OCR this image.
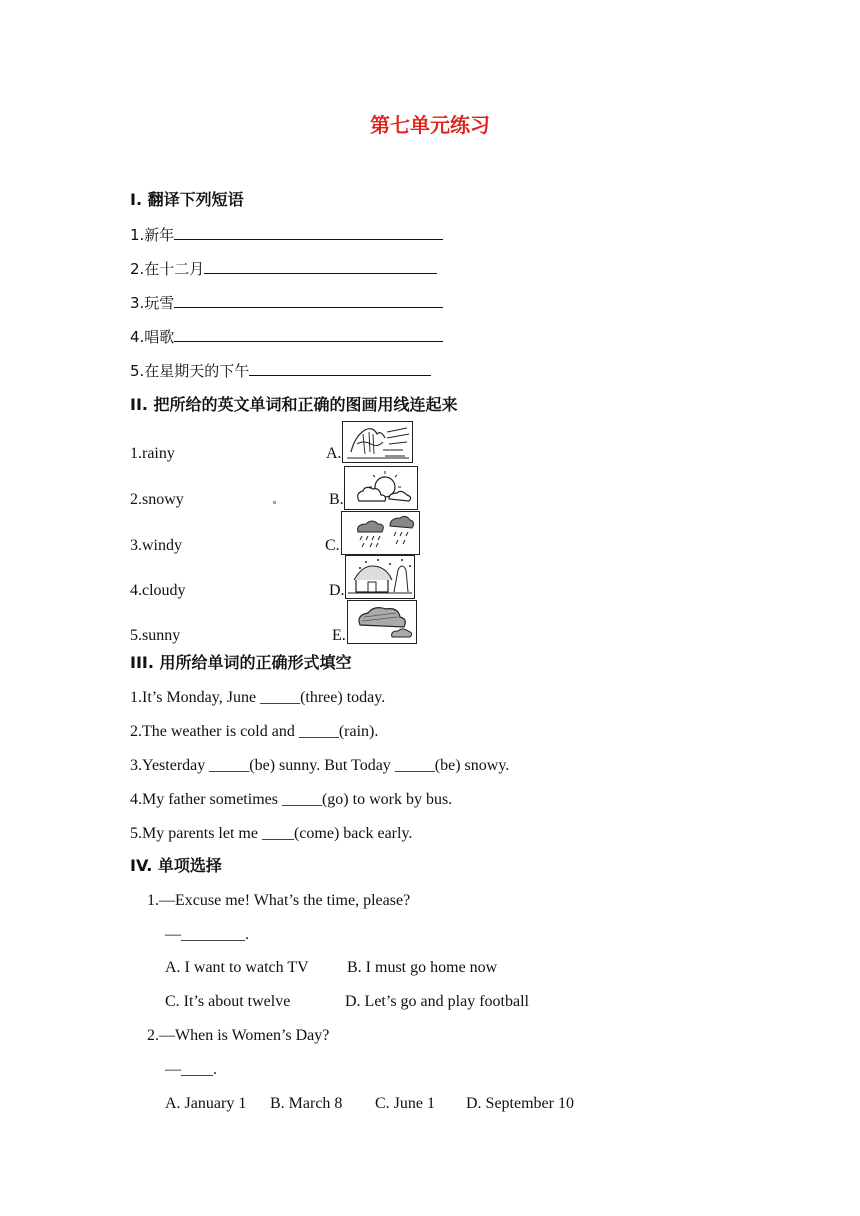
第七单元练习
I. 翻译下列短语
1.新年
2.在十二月
3.玩雪
4.唱歌
5.在星期天的下午
II. 把所给的英文单词和正确的图画用线连起来
1.rainy
2.snowy
3.windy
4.cloudy
5.sunny
A.
B.
C.
D.
E.
III. 用所给单词的正确形式填空
1.It’s Monday, June _____(three) today.
2.The weather is cold and _____(rain).
3.Yesterday _____(be) sunny. But Today _____(be) snowy.
4.My father sometimes _____(go) to work by bus.
5.My parents let me ____(come) back early.
IV. 单项选择
1.—Excuse me! What’s the time, please?
—________.
A. I want to watch TV B. I must go home now
C. It’s about twelve	D. Let’s go and play football
2.—When is Women’s Day?
—____.
A. January 1 B. March 8 C. June 1 D. September 10
